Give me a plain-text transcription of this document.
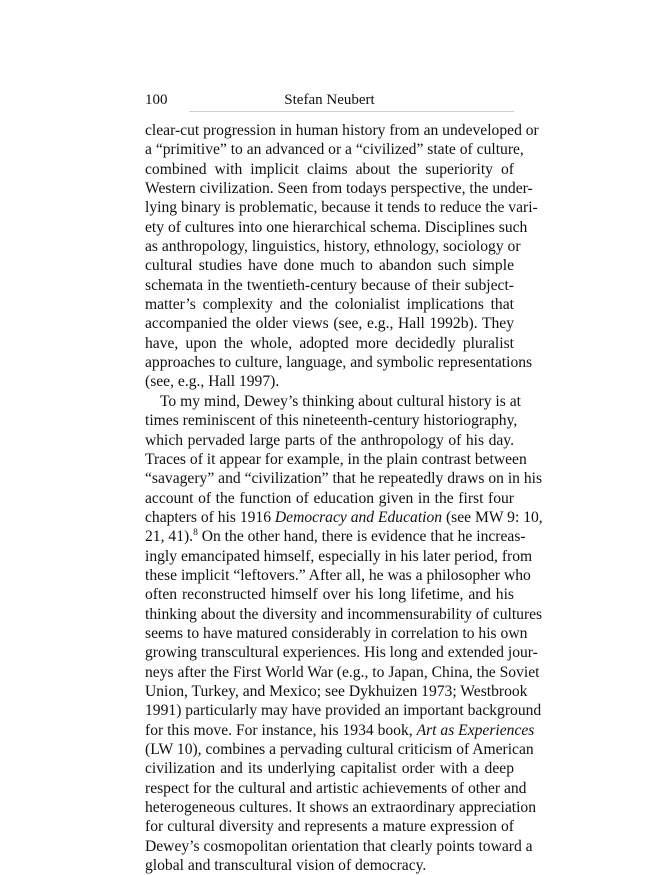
100	Stefan Neubert
clear-cut progression in human history from an undeveloped or
a “primitive” to an advanced or a “civilized” state of culture,
combined with implicit claims about the superiority of
Western civilization. Seen from todays perspective, the under-
lying binary is problematic, because it tends to reduce the vari-
ety of cultures into one hierarchical schema. Disciplines such
as anthropology, linguistics, history, ethnology, sociology or
cultural studies have done much to abandon such simple
schemata in the twentieth-century because of their subject-
matter’s complexity and the colonialist implications that
accompanied the older views (see, e.g., Hall 1992b). They
have, upon the whole, adopted more decidedly pluralist
approaches to culture, language, and symbolic representations
(see, e.g., Hall 1997).
To my mind, Dewey’s thinking about cultural history is at
times reminiscent of this nineteenth-century historiography,
which pervaded large parts of the anthropology of his day.
Traces of it appear for example, in the plain contrast between
“savagery” and “civilization” that he repeatedly draws on in his
account of the function of education given in the first four
chapters of his 1916 Democracy and Education (see MW 9: 10,
21, 41).$^8$ On the other hand, there is evidence that he increas-
ingly emancipated himself, especially in his later period, from
these implicit “leftovers.” After all, he was a philosopher who
often reconstructed himself over his long lifetime, and his
thinking about the diversity and incommensurability of cultures
seems to have matured considerably in correlation to his own
growing transcultural experiences. His long and extended jour-
neys after the First World War (e.g., to Japan, China, the Soviet
Union, Turkey, and Mexico; see Dykhuizen 1973; Westbrook
1991) particularly may have provided an important background
for this move. For instance, his 1934 book, Art as Experiences
(LW 10), combines a pervading cultural criticism of American
civilization and its underlying capitalist order with a deep
respect for the cultural and artistic achievements of other and
heterogeneous cultures. It shows an extraordinary appreciation
for cultural diversity and represents a mature expression of
Dewey’s cosmopolitan orientation that clearly points toward a
global and transcultural vision of democracy.
